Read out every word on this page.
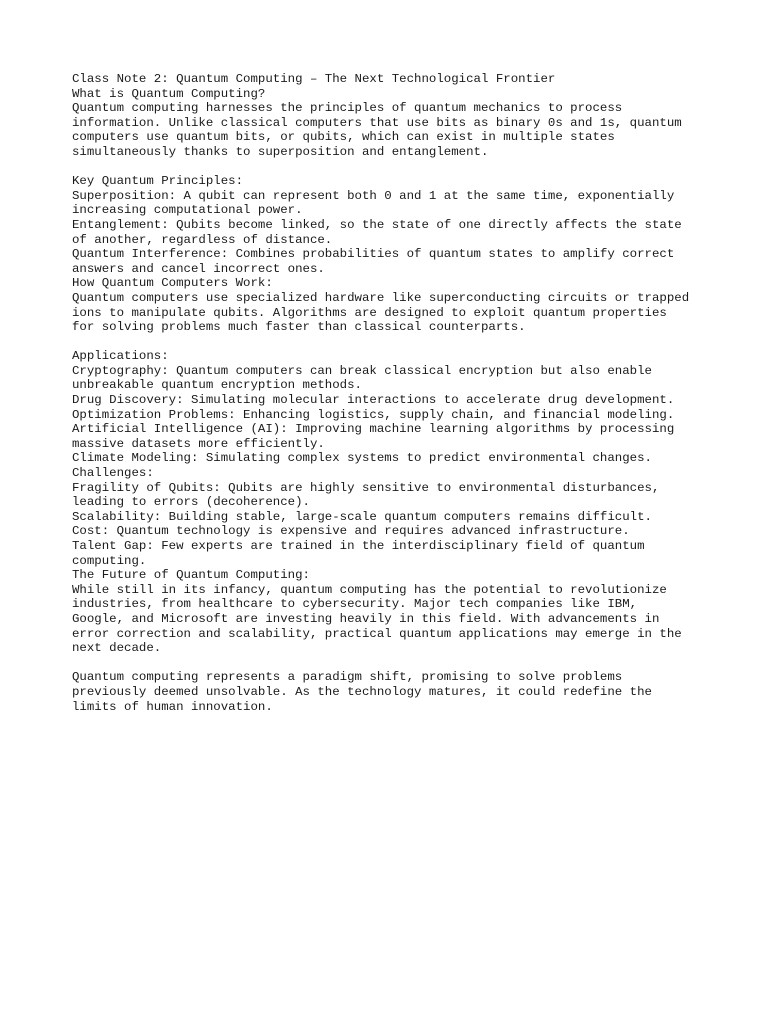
Class Note 2: Quantum Computing – The Next Technological Frontier
What is Quantum Computing?
Quantum computing harnesses the principles of quantum mechanics to process
information. Unlike classical computers that use bits as binary 0s and 1s, quantum
computers use quantum bits, or qubits, which can exist in multiple states
simultaneously thanks to superposition and entanglement.
Key Quantum Principles:
Superposition: A qubit can represent both 0 and 1 at the same time, exponentially
increasing computational power.
Entanglement: Qubits become linked, so the state of one directly affects the state
of another, regardless of distance.
Quantum Interference: Combines probabilities of quantum states to amplify correct
answers and cancel incorrect ones.
How Quantum Computers Work:
Quantum computers use specialized hardware like superconducting circuits or trapped
ions to manipulate qubits. Algorithms are designed to exploit quantum properties
for solving problems much faster than classical counterparts.
Applications:
Cryptography: Quantum computers can break classical encryption but also enable
unbreakable quantum encryption methods.
Drug Discovery: Simulating molecular interactions to accelerate drug development.
Optimization Problems: Enhancing logistics, supply chain, and financial modeling.
Artificial Intelligence (AI): Improving machine learning algorithms by processing
massive datasets more efficiently.
Climate Modeling: Simulating complex systems to predict environmental changes.
Challenges:
Fragility of Qubits: Qubits are highly sensitive to environmental disturbances,
leading to errors (decoherence).
Scalability: Building stable, large-scale quantum computers remains difficult.
Cost: Quantum technology is expensive and requires advanced infrastructure.
Talent Gap: Few experts are trained in the interdisciplinary field of quantum
computing.
The Future of Quantum Computing:
While still in its infancy, quantum computing has the potential to revolutionize
industries, from healthcare to cybersecurity. Major tech companies like IBM,
Google, and Microsoft are investing heavily in this field. With advancements in
error correction and scalability, practical quantum applications may emerge in the
next decade.
Quantum computing represents a paradigm shift, promising to solve problems
previously deemed unsolvable. As the technology matures, it could redefine the
limits of human innovation.
